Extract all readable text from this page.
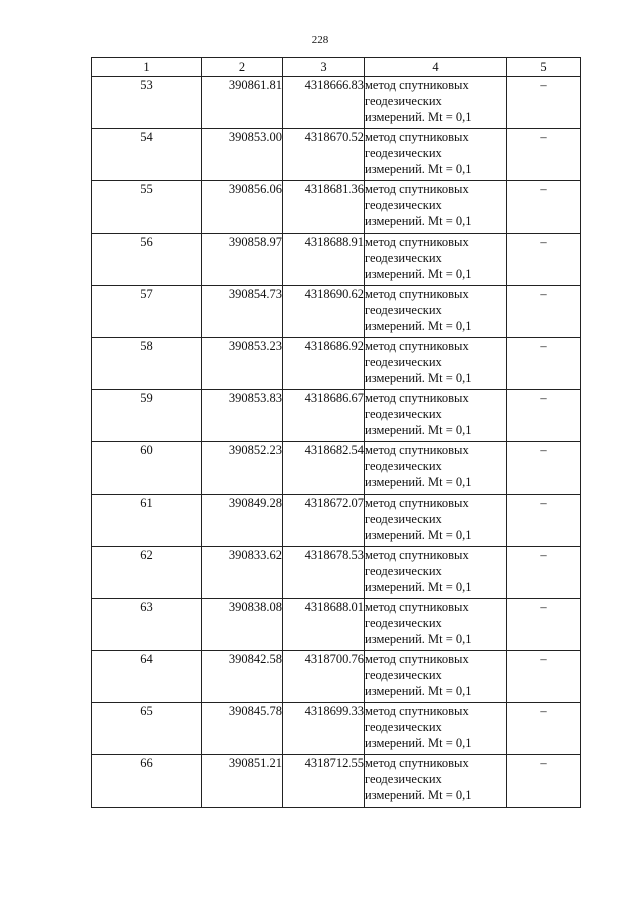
228
1	2	3	4	5
53	390861.81	4318666.83	метод спутниковых
геодезических
измерений. Mt = 0,1	–
54	390853.00	4318670.52	метод спутниковых
геодезических
измерений. Mt = 0,1	–
55	390856.06	4318681.36	метод спутниковых
геодезических
измерений. Mt = 0,1	–
56	390858.97	4318688.91	метод спутниковых
геодезических
измерений. Mt = 0,1	–
57	390854.73	4318690.62	метод спутниковых
геодезических
измерений. Mt = 0,1	–
58	390853.23	4318686.92	метод спутниковых
геодезических
измерений. Mt = 0,1	–
59	390853.83	4318686.67	метод спутниковых
геодезических
измерений. Mt = 0,1	–
60	390852.23	4318682.54	метод спутниковых
геодезических
измерений. Mt = 0,1	–
61	390849.28	4318672.07	метод спутниковых
геодезических
измерений. Mt = 0,1	–
62	390833.62	4318678.53	метод спутниковых
геодезических
измерений. Mt = 0,1	–
63	390838.08	4318688.01	метод спутниковых
геодезических
измерений. Mt = 0,1	–
64	390842.58	4318700.76	метод спутниковых
геодезических
измерений. Mt = 0,1	–
65	390845.78	4318699.33	метод спутниковых
геодезических
измерений. Mt = 0,1	–
66	390851.21	4318712.55	метод спутниковых
геодезических
измерений. Mt = 0,1	–
